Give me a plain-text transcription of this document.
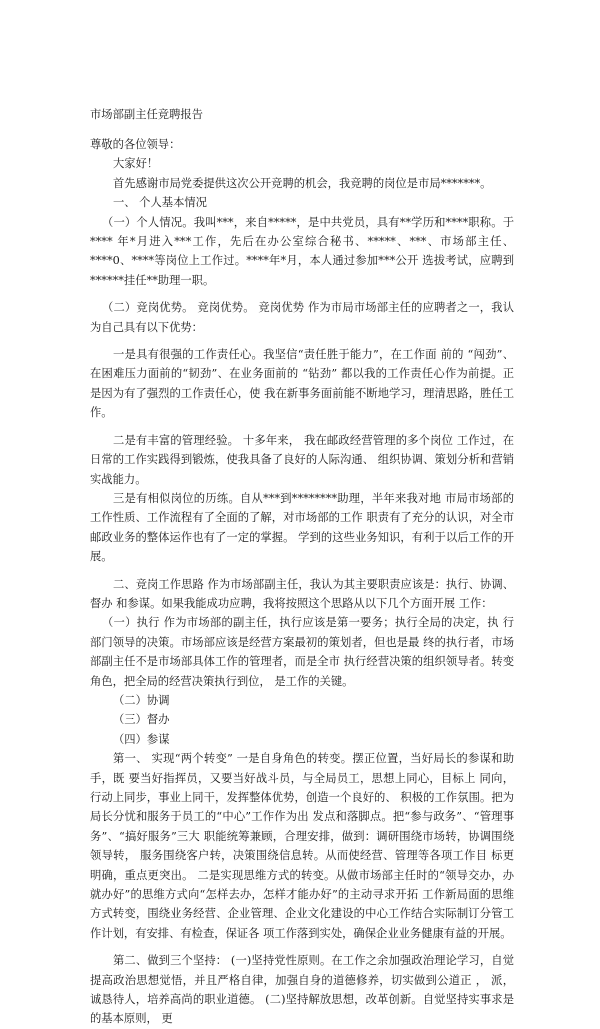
市场部副主任竞聘报告

尊敬的各位领导：

大家好！

首先感谢市局党委提供这次公开竞聘的机会，我竞聘的岗位是市局*******。

一、 个人基本情况

（一）个人情况。我叫***，来自*****，是中共党员，具有**学历和****职称。于**** 年*月进入***工作，先后在办公室综合秘书、*****、***、市场部主任、****0、****等岗位上工作过。****年*月，本人通过参加***公开 选拔考试，应聘到******挂任**助理一职。

（二）竞岗优势。 竞岗优势。 竞岗优势 作为市局市场部主任的应聘者之一，我认为自己具有以下优势：

一是具有很强的工作责任心。我坚信“责任胜于能力”，在工作面 前的 “闯劲”、在困难压力面前的“韧劲”、在业务面前的 “钻劲” 都以我的工作责任心作为前提。正是因为有了强烈的工作责任心，使 我在新事务面前能不断地学习，理清思路，胜任工作。

二是有丰富的管理经验。 十多年来， 我在邮政经营管理的多个岗位 工作过，在日常的工作实践得到锻炼，使我具备了良好的人际沟通、 组织协调、策划分析和营销实战能力。

三是有相似岗位的历练。自从***到********助理，半年来我对地 市局市场部的工作性质、工作流程有了全面的了解，对市场部的工作 职责有了充分的认识，对全市邮政业务的整体运作也有了一定的掌握。 学到的这些业务知识，有利于以后工作的开展。

二、竞岗工作思路 作为市场部副主任，我认为其主要职责应该是：执行、协调、督办 和参谋。如果我能成功应聘，我将按照这个思路从以下几个方面开展 工作：

（一）执行 作为市场部的副主任，执行应该是第一要务；执行全局的决定，执 行部门领导的决策。市场部应该是经营方案最初的策划者，但也是最 终的执行者，市场部副主任不是市场部具体工作的管理者，而是全市 执行经营决策的组织领导者。转变角色，把全局的经营决策执行到位， 是工作的关键。

（二）协调

（三）督办

（四）参谋

第一、 实现“两个转变” 一是自身角色的转变。摆正位置，当好局长的参谋和助手，既 要当好指挥员，又要当好战斗员，与全局员工，思想上同心，目标上 同向，行动上同步，事业上同干，发挥整体优势，创造一个良好的、 积极的工作氛围。把为局长分忧和服务于员工的“中心”工作作为出 发点和落脚点。把“参与政务”、“管理事务”、“搞好服务”三大 职能统筹兼顾，合理安排，做到：调研围绕市场转，协调围绕领导转， 服务围绕客户转，决策围绕信息转。从而使经营、管理等各项工作目 标更明确，重点更突出。 二是实现思维方式的转变。从做市场部主任时的“领导交办，办 就办好”的思维方式向“怎样去办，怎样才能办好”的主动寻求开拓 工作新局面的思维方式转变，围绕业务经营、企业管理、企业文化建设的中心工作结合实际制订分管工作计划，有安排、有检查，保证各 项工作落到实处，确保企业业务健康有益的开展。

第二、做到三个坚持： (一)坚持党性原则。在工作之余加强政治理论学习，自觉提高政治思想觉悟，并且严格自律，加强自身的道德修养，切实做到公道正 ， 派，诚恳待人，培养高尚的职业道德。 (二)坚持解放思想，改革创新。自觉坚持实事求是的基本原则， 更
